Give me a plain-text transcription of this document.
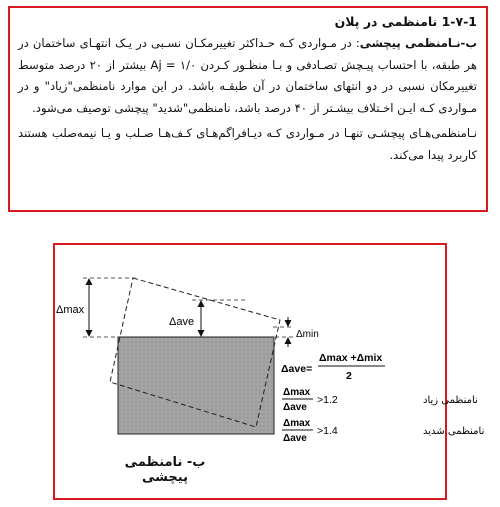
1-۷-1 نامنظمی در پلان

ب-نـامنظمی پیچشی: در مـواردی کـه حـداکثر تغییرمکـان نسـبی در یـک انتهـای ساختمان در هر طبقه، با احتساب پیـچش تصـادفی و بـا منظـور کـردن Aj = ۱/۰ بیشتر از ۲۰ درصد متوسط تغییرمکان نسبی در دو انتهای ساختمان در آن طبقـه باشد. در این موارد نامنظمی"زیاد" و در مـواردی کـه ایـن اخـتلاف بیشـتر از ۴۰ درصد باشد، نامنظمی"شدید" پیچشی توصیف می‌شود.

نـامنظمی‌هـای پیچشـی تنهـا در مـواردی کـه دیـافراگم‌هـای کـف‌هـا صـلب و یـا نیمه‌صلب هستند کاربرد پیدا می‌کند.

Δmax
Δave
Δmin
Δave=
Δmax +Δmix
2
Δmax
Δave
>1.2	نامنظمی زیاد
Δmax
Δave
>1.4	نامنظمی شدید
ب- نامنظمی پیچشی
